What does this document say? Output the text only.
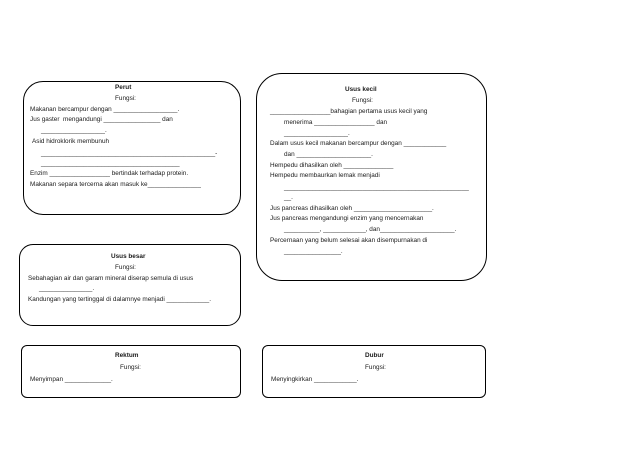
Perut
Fungsi:
Makanan bercampur dengan __________________.
Jus gaster  mengandungi ________________ dan
__________________.
Asid hidroklorik membunuh
_________________________________________________-
_______________________________________
Enzim _________________ bertindak terhadap protein.
Makanan separa tercerna akan masuk ke_______________
Usus kecil
Fungsi:
_________________bahagian pertama usus kecil yang
menerima _________________ dan
__________________.
Dalam usus kecil makanan bercampur dengan ____________
dan _____________________.
Hempedu dihasilkan oleh ______________
Hempedu membaurkan lemak menjadi
____________________________________________________
__.
Jus pancreas dihasilkan oleh ______________________.
Jus pancreas mengandungi enzim yang mencernakan
__________, ____________, dan_____________________.
Percernaan yang belum selesai akan disempurnakan di
________________.
Usus besar
Fungsi:
Sebahagian air dan garam mineral diserap semula di usus
_______________.
Kandungan yang tertinggal di dalamnye menjadi ____________.
Rektum
Fungsi:
Menyimpan _____________.
Dubur
Fungsi:
Menyingkirkan ____________.
